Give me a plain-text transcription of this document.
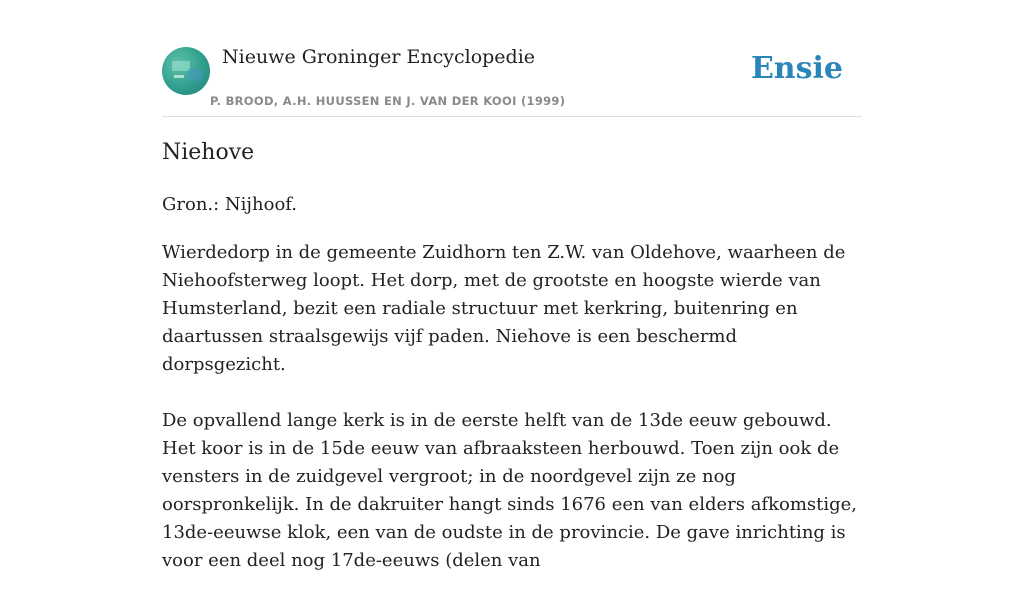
Nieuwe Groninger Encyclopedie
P. BROOD, A.H. HUUSSEN EN J. VAN DER KOOI (1999)
Ensie
Niehove

Gron.: Nijhoof.

Wierdedorp in de gemeente Zuidhorn ten Z.W. van Oldehove, waarheen de Niehoofsterweg loopt. Het dorp, met de grootste en hoogste wierde van Humsterland, bezit een radiale structuur met kerkring, buitenring en daartussen straalsgewijs vijf paden. Niehove is een beschermd dorpsgezicht.

De opvallend lange kerk is in de eerste helft van de 13de eeuw gebouwd. Het koor is in de 15de eeuw van afbraaksteen herbouwd. Toen zijn ook de vensters in de zuidgevel vergroot; in de noordgevel zijn ze nog oorspronkelijk. In de dakruiter hangt sinds 1676 een van elders afkomstige, 13de-eeuwse klok, een van de oudste in de provincie. De gave inrichting is voor een deel nog 17de-eeuws (delen van
